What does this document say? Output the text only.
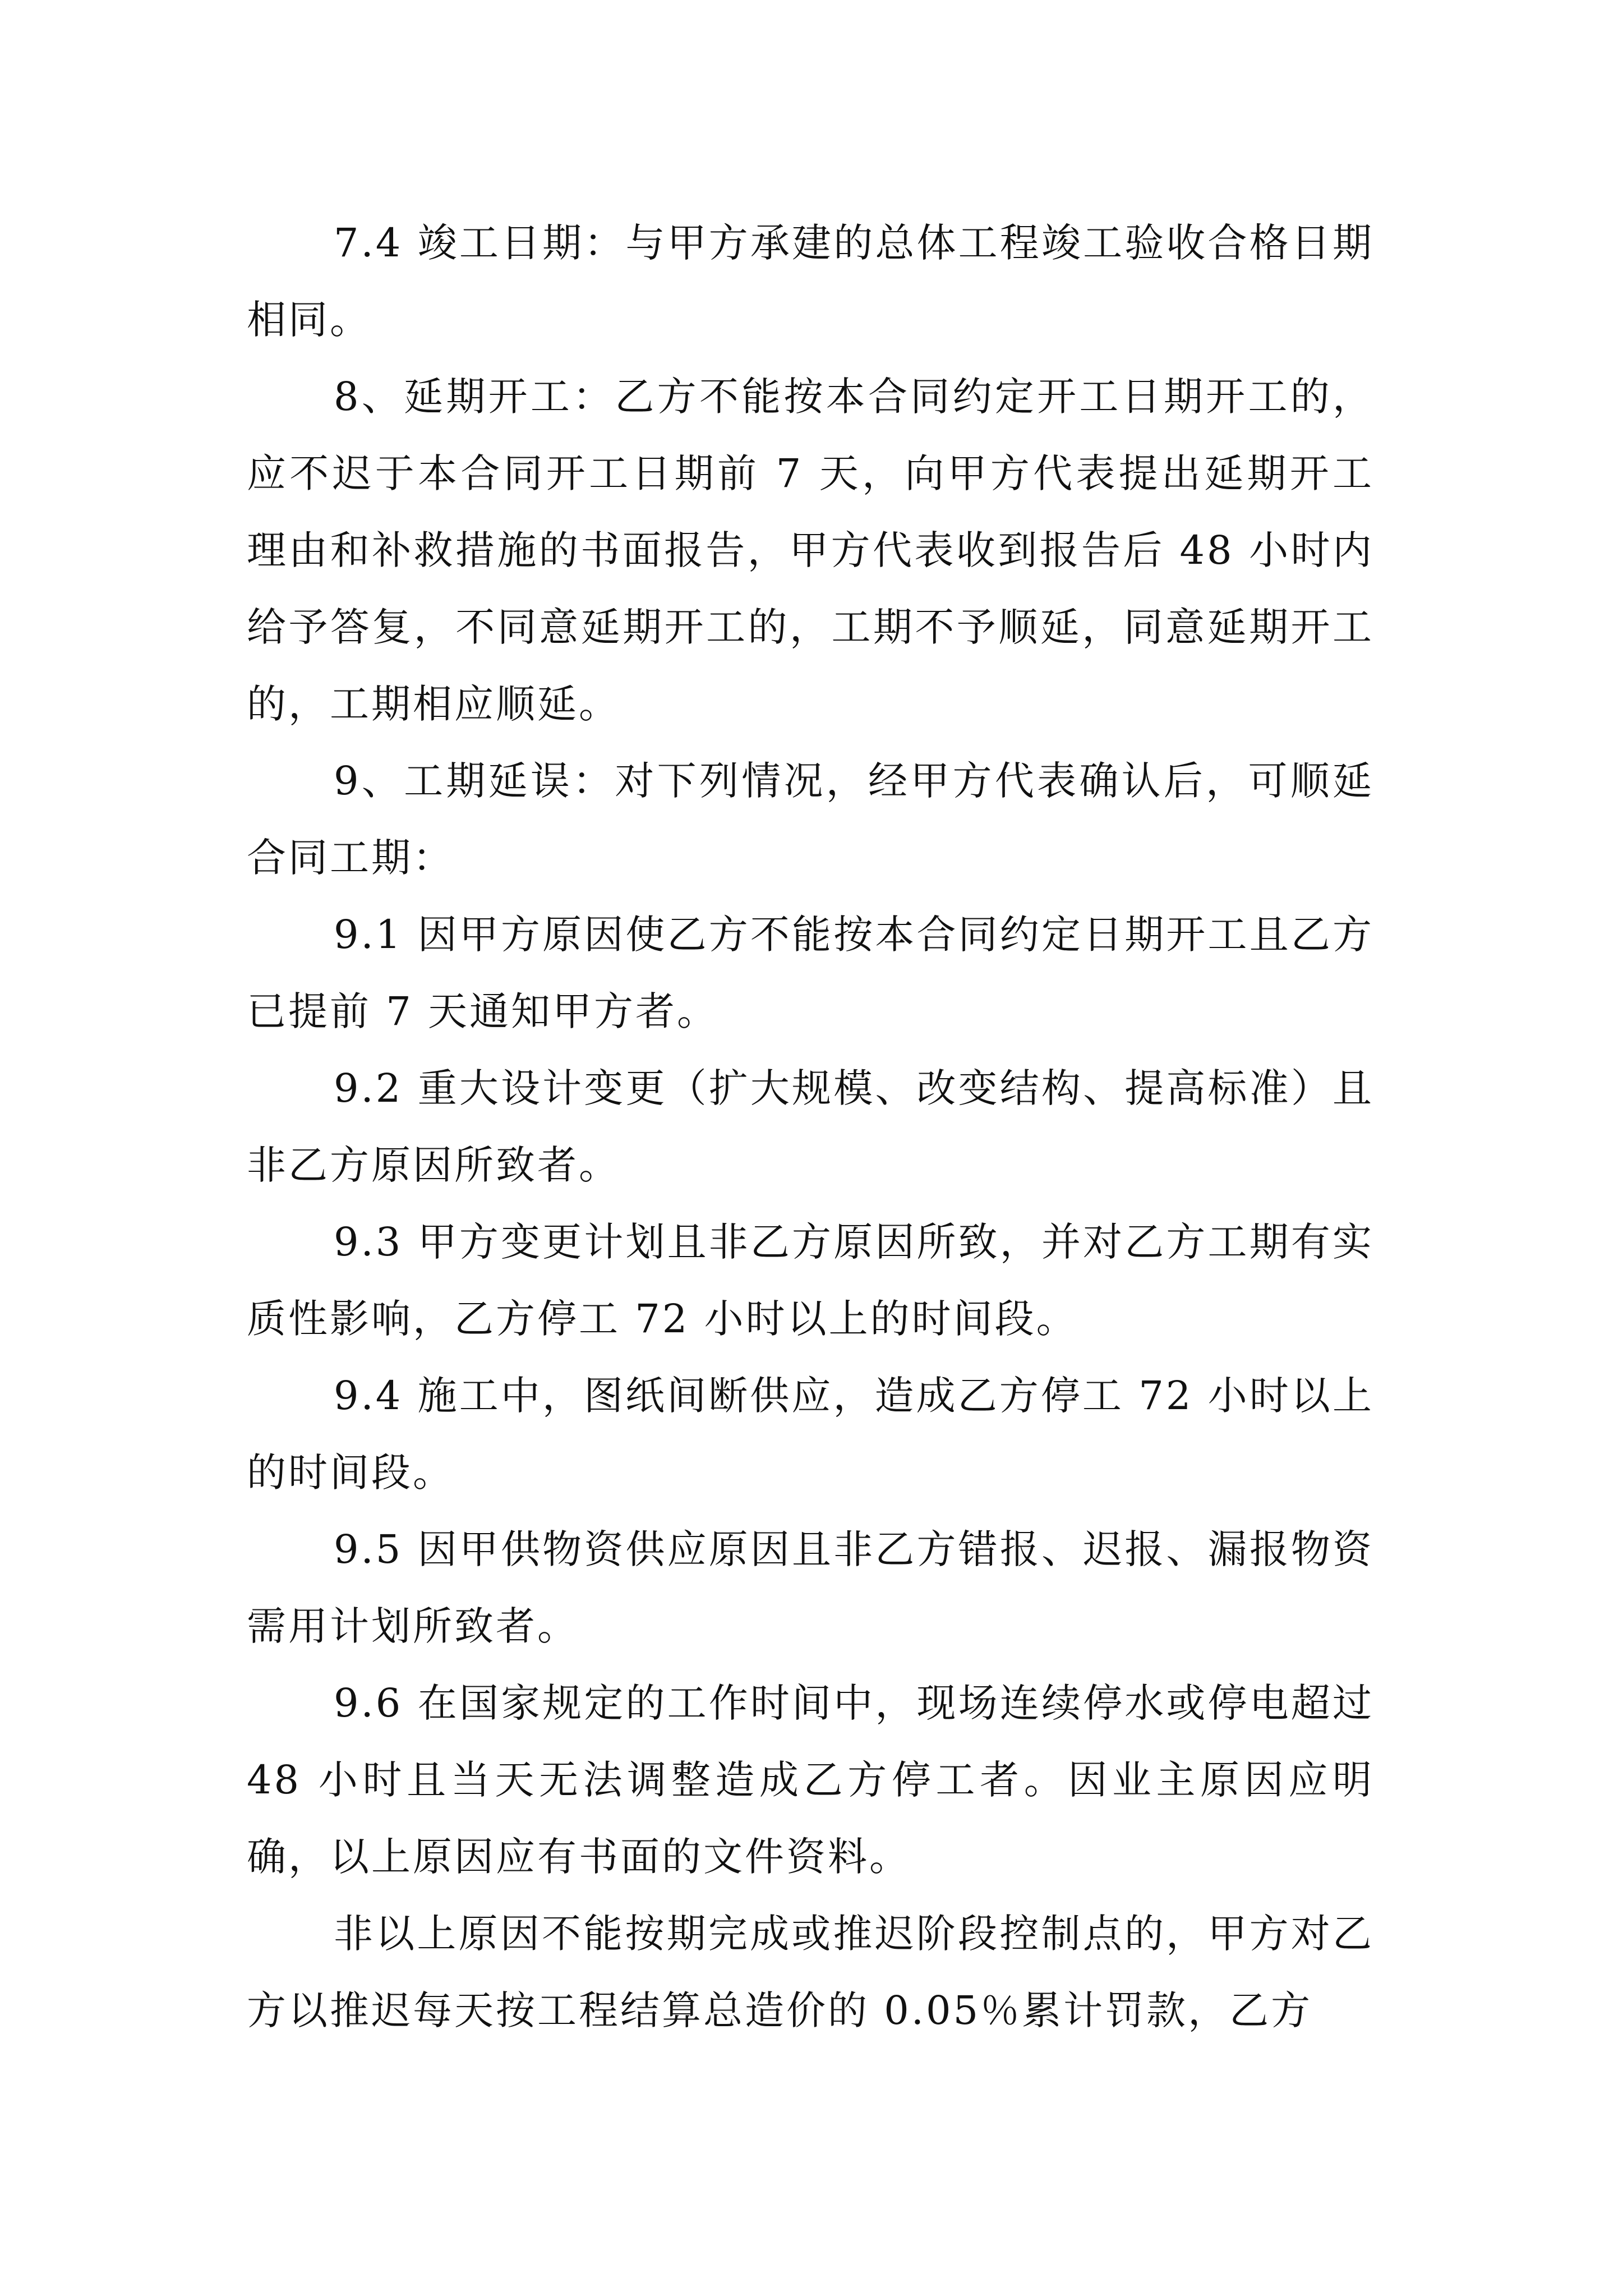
7.4 竣工日期：与甲方承建的总体工程竣工验收合格日期相同。

8、延期开工：乙方不能按本合同约定开工日期开工的，应不迟于本合同开工日期前 7 天，向甲方代表提出延期开工理由和补救措施的书面报告，甲方代表收到报告后 48 小时内给予答复，不同意延期开工的，工期不予顺延，同意延期开工的，工期相应顺延。

9、工期延误：对下列情况，经甲方代表确认后，可顺延合同工期：

9.1 因甲方原因使乙方不能按本合同约定日期开工且乙方已提前 7 天通知甲方者。

9.2 重大设计变更（扩大规模、改变结构、提高标准）且非乙方原因所致者。

9.3 甲方变更计划且非乙方原因所致，并对乙方工期有实质性影响，乙方停工 72 小时以上的时间段。

9.4 施工中，图纸间断供应，造成乙方停工 72 小时以上的时间段。

9.5 因甲供物资供应原因且非乙方错报、迟报、漏报物资需用计划所致者。

9.6 在国家规定的工作时间中，现场连续停水或停电超过 48 小时且当天无法调整造成乙方停工者。因业主原因应明确，以上原因应有书面的文件资料。

非以上原因不能按期完成或推迟阶段控制点的，甲方对乙方以推迟每天按工程结算总造价的 0.05％累计罚款，乙方
